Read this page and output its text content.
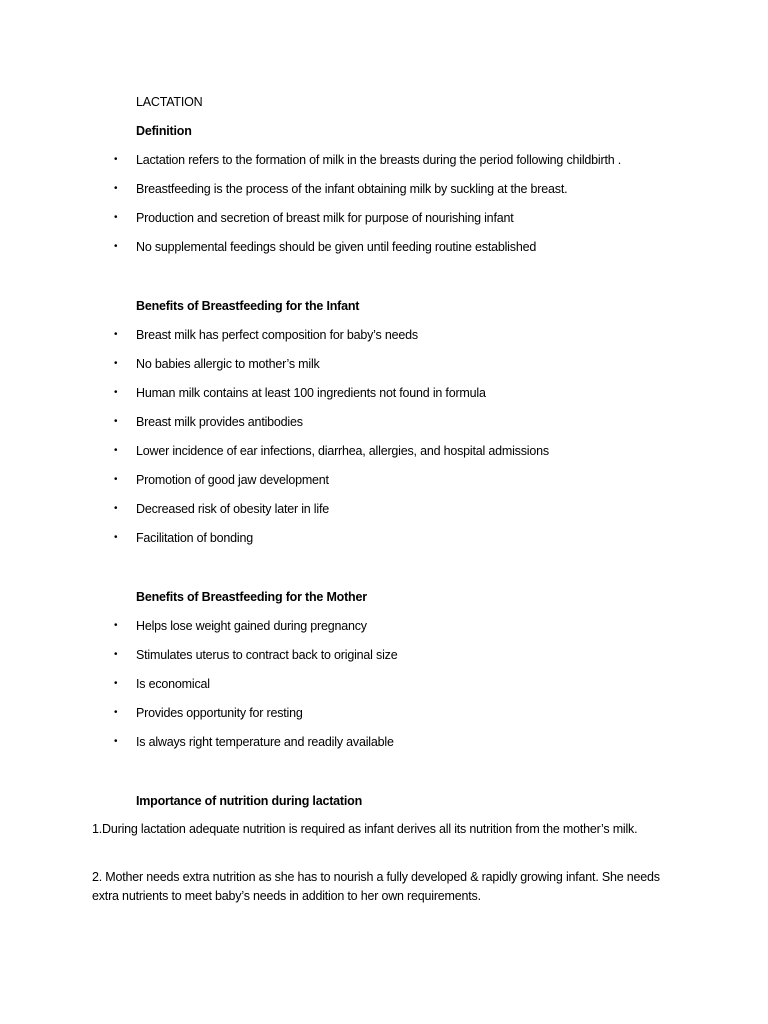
LACTATION
Definition
• Lactation refers to the formation of milk in the breasts during the period following childbirth .
• Breastfeeding is the process of the infant obtaining milk by suckling at the breast.
• Production and secretion of breast milk for purpose of nourishing infant
• No supplemental feedings should be given until feeding routine established
Benefits of Breastfeeding for the Infant
• Breast milk has perfect composition for baby’s needs
• No babies allergic to mother’s milk
• Human milk contains at least 100 ingredients not found in formula
• Breast milk provides antibodies
• Lower incidence of ear infections, diarrhea, allergies, and hospital admissions
• Promotion of good jaw development
• Decreased risk of obesity later in life
• Facilitation of bonding
Benefits of Breastfeeding for the Mother
• Helps lose weight gained during pregnancy
• Stimulates uterus to contract back to original size
• Is economical
• Provides opportunity for resting
• Is always right temperature and readily available
Importance of nutrition during lactation
1.During lactation adequate nutrition is required as infant derives all its nutrition from the mother’s milk.
2. Mother needs extra nutrition as she has to nourish a fully developed & rapidly growing infant. She needs extra nutrients to meet baby’s needs in addition to her own requirements.
